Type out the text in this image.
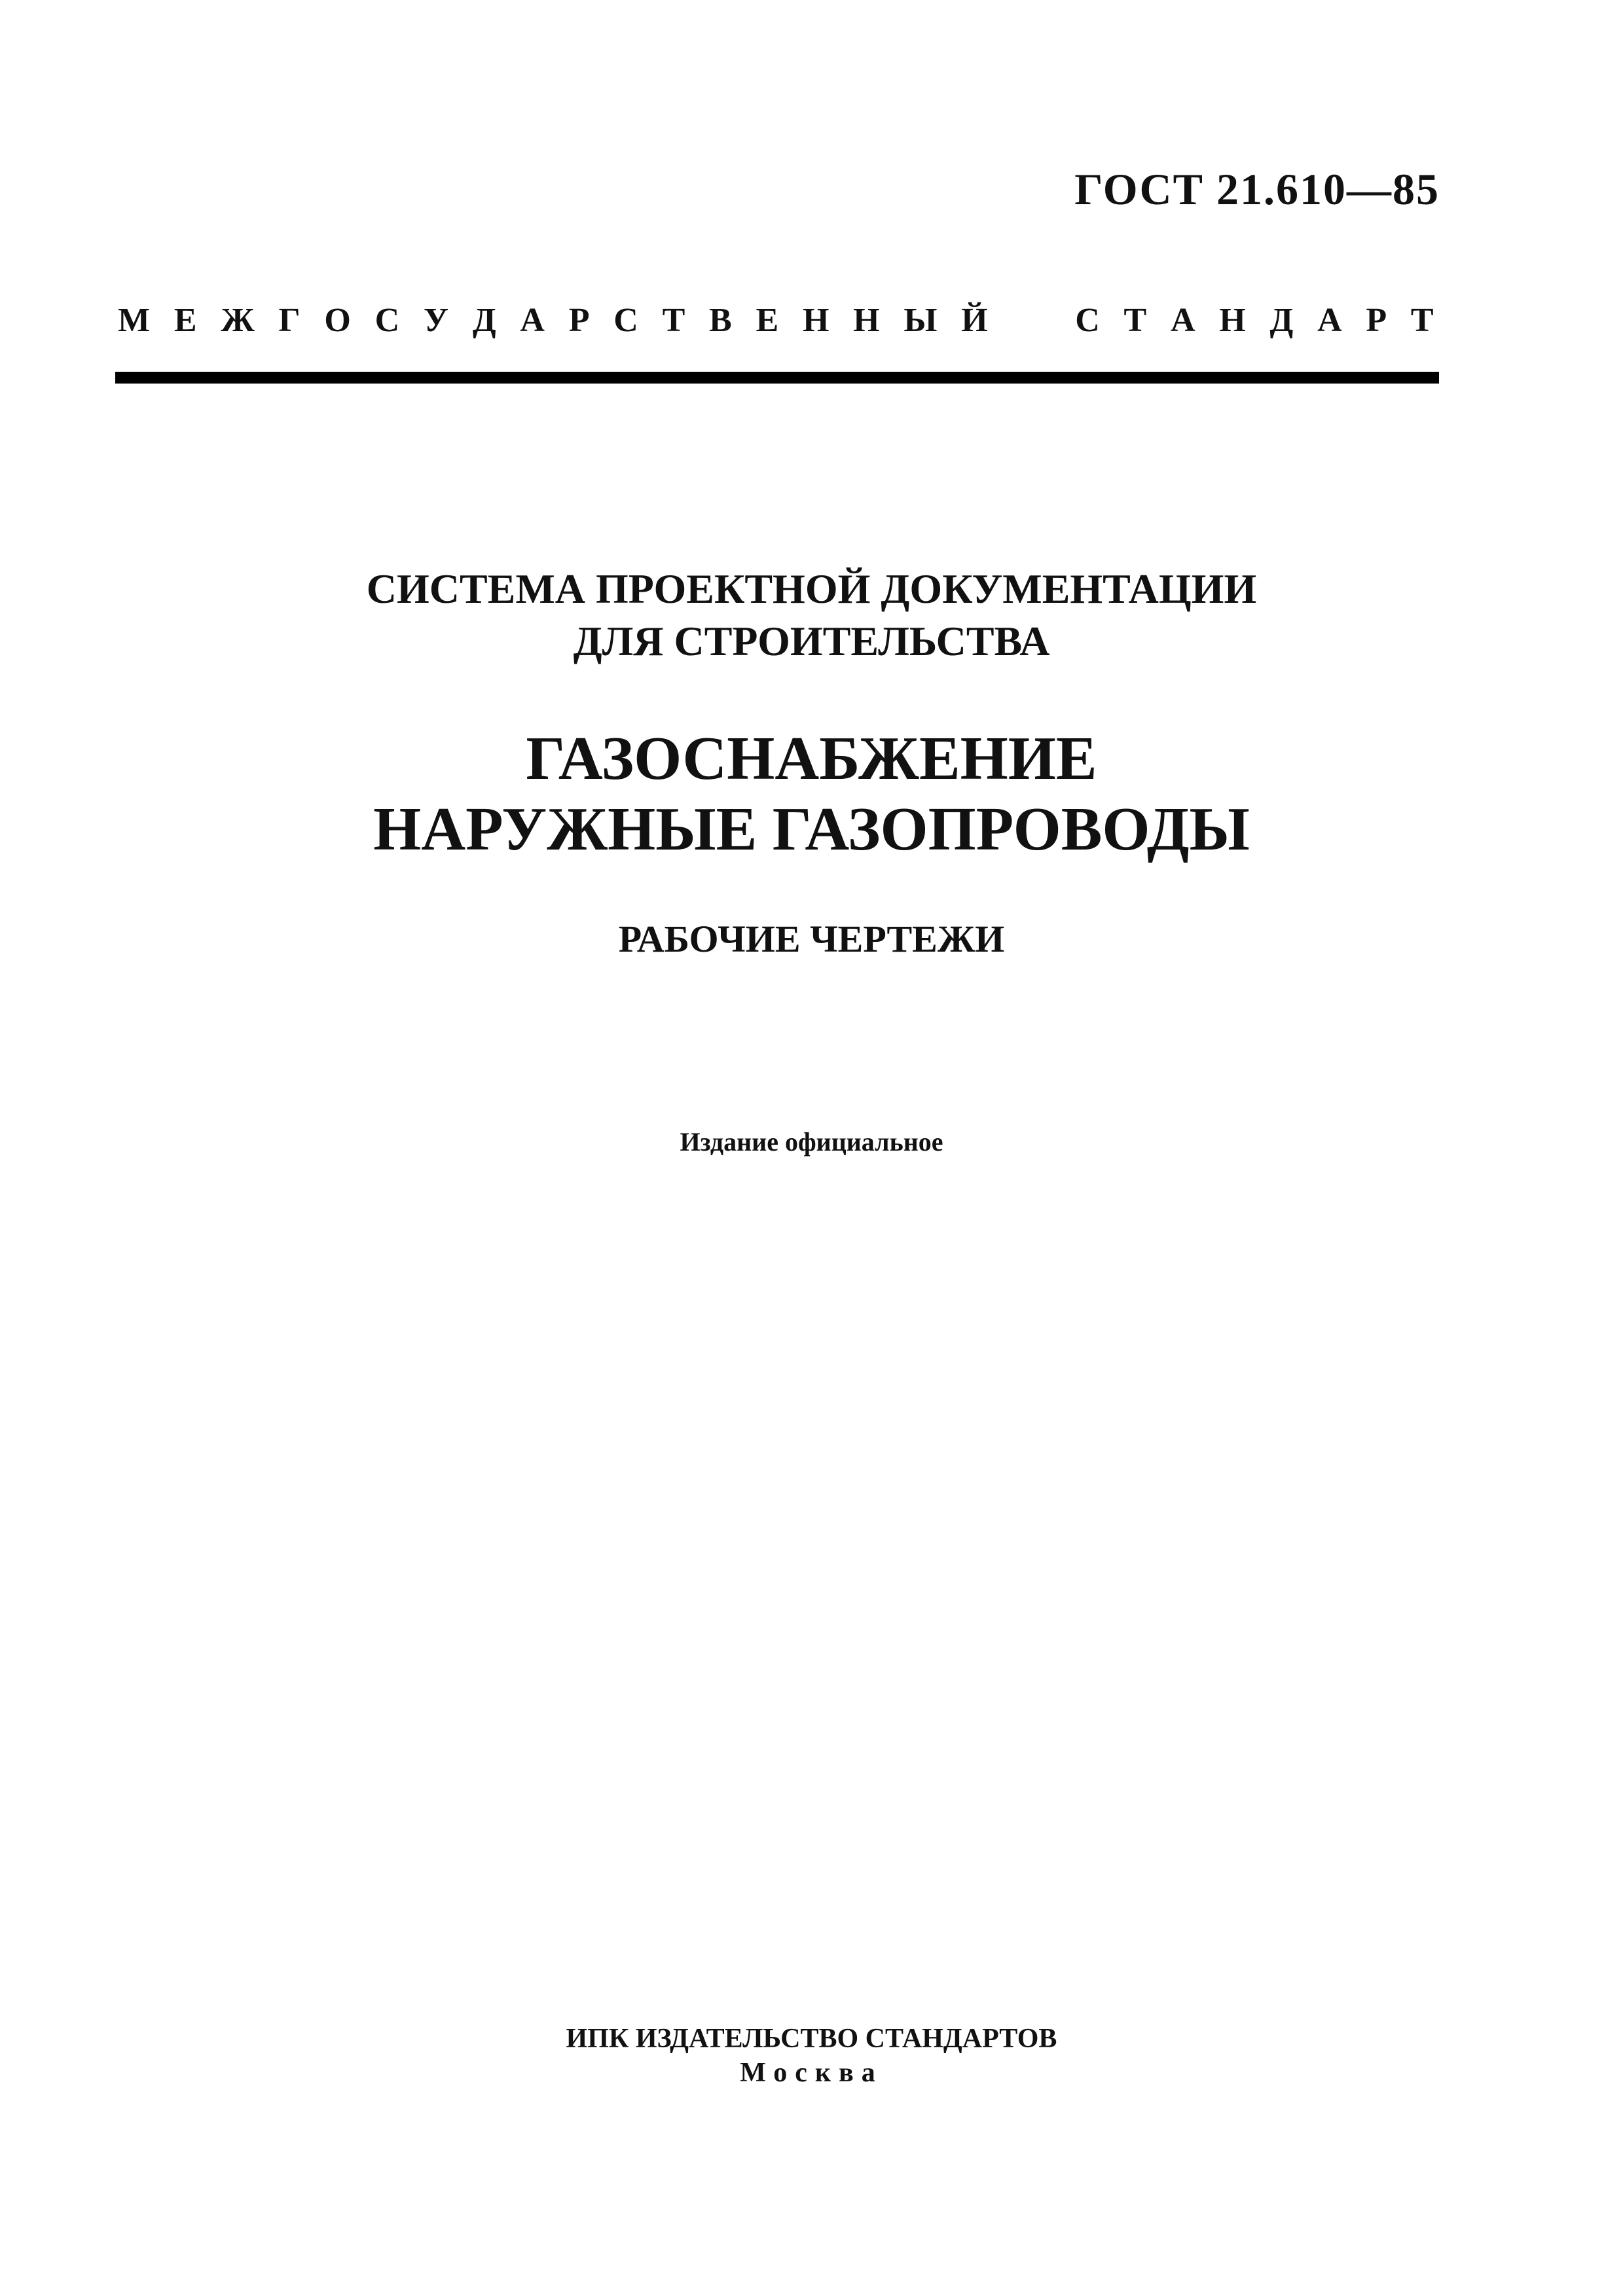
ГОСТ 21.610—85
М Е Ж Г О С У Д А Р С Т В Е Н Н Ы Й	С Т А Н Д А Р Т
СИСТЕМА ПРОЕКТНОЙ ДОКУМЕНТАЦИИ
ДЛЯ СТРОИТЕЛЬСТВА
ГАЗОСНАБЖЕНИЕ
НАРУЖНЫЕ ГАЗОПРОВОДЫ
РАБОЧИЕ ЧЕРТЕЖИ
Издание официальное
ИПК ИЗДАТЕЛЬСТВО СТАНДАРТОВ
Москва
